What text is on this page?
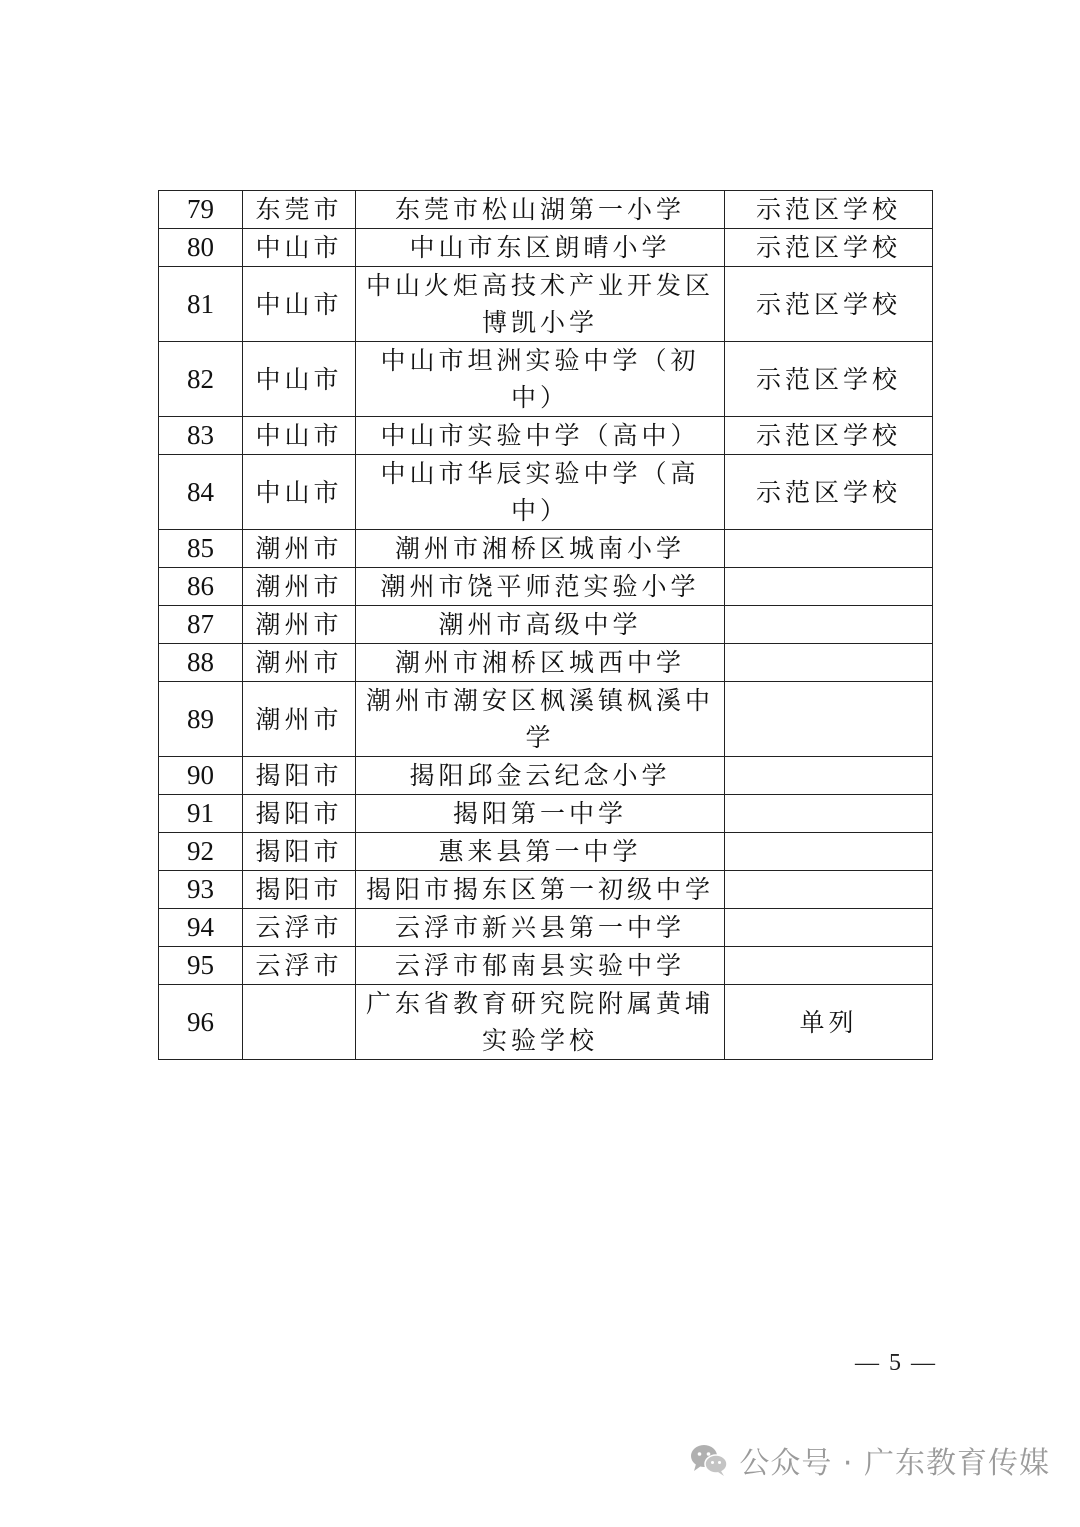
79	东莞市	东莞市松山湖第一小学	示范区学校
80	中山市	中山市东区朗晴小学	示范区学校
81	中山市	中山火炬高技术产业开发区博凯小学	示范区学校
82	中山市	中山市坦洲实验中学（初中）	示范区学校
83	中山市	中山市实验中学（高中）	示范区学校
84	中山市	中山市华辰实验中学（高中）	示范区学校
85	潮州市	潮州市湘桥区城南小学	
86	潮州市	潮州市饶平师范实验小学	
87	潮州市	潮州市高级中学	
88	潮州市	潮州市湘桥区城西中学	
89	潮州市	潮州市潮安区枫溪镇枫溪中学	
90	揭阳市	揭阳邱金云纪念小学	
91	揭阳市	揭阳第一中学	
92	揭阳市	惠来县第一中学	
93	揭阳市	揭阳市揭东区第一初级中学	
94	云浮市	云浮市新兴县第一中学	
95	云浮市	云浮市郁南县实验中学	
96		广东省教育研究院附属黄埔实验学校	单列
— 5 —
公众号 · 广东教育传媒
